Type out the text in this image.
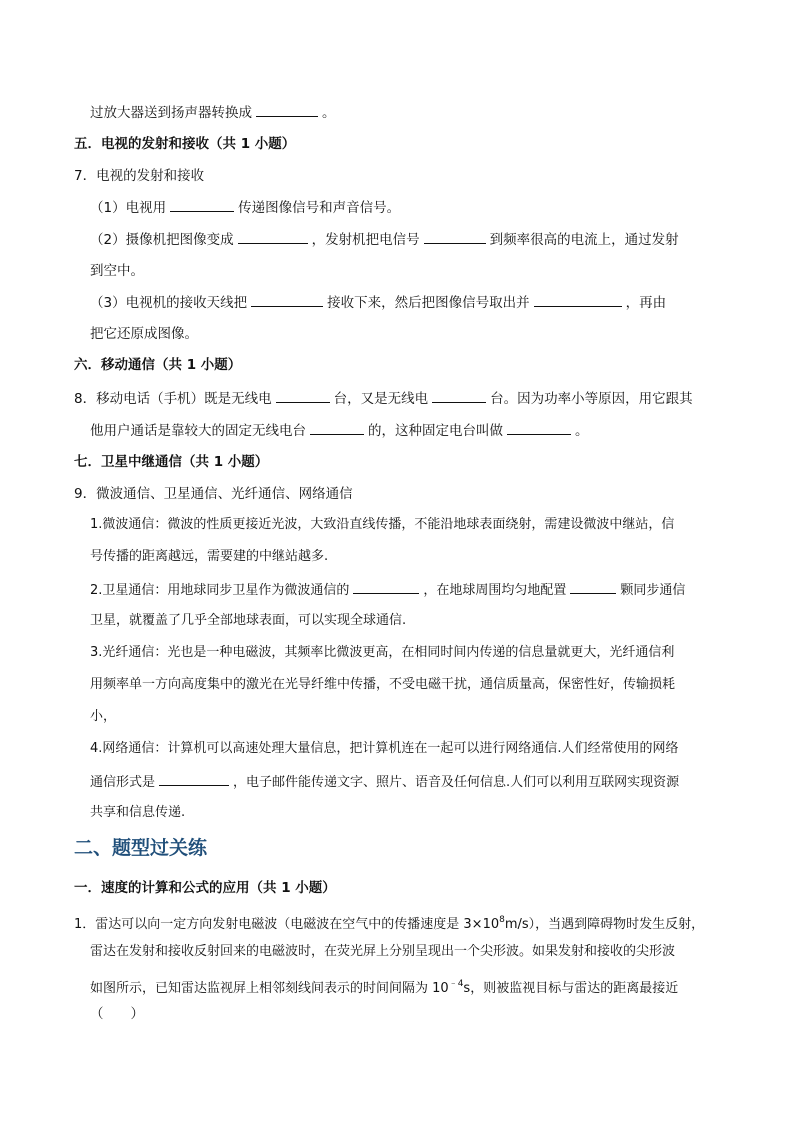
过放大器送到扬声器转换成	。
五．电视的发射和接收（共 1 小题）
7．电视的发射和接收
（1）电视用	传递图像信号和声音信号。
（2）摄像机把图像变成	，发射机把电信号	到频率很高的电流上，通过发射
到空中。
（3）电视机的接收天线把	接收下来，然后把图像信号取出并	，再由
把它还原成图像。
六．移动通信（共 1 小题）
8．移动电话（手机）既是无线电	台，又是无线电	台。因为功率小等原因，用它跟其
他用户通话是靠较大的固定无线电台	的，这种固定电台叫做	。
七．卫星中继通信（共 1 小题）
9．微波通信、卫星通信、光纤通信、网络通信
1.微波通信：微波的性质更接近光波，大致沿直线传播，不能沿地球表面绕射，需建设微波中继站，信
号传播的距离越远，需要建的中继站越多.
2.卫星通信：用地球同步卫星作为微波通信的	，在地球周围均匀地配置	颗同步通信
卫星，就覆盖了几乎全部地球表面，可以实现全球通信.
3.光纤通信：光也是一种电磁波，其频率比微波更高，在相同时间内传递的信息量就更大，光纤通信利
用频率单一方向高度集中的激光在光导纤维中传播，不受电磁干扰，通信质量高，保密性好，传输损耗
小，
4.网络通信：计算机可以高速处理大量信息，把计算机连在一起可以进行网络通信.人们经常使用的网络
通信形式是	，电子邮件能传递文字、照片、语音及任何信息.人们可以利用互联网实现资源
共享和信息传递.
二、题型过关练
一．速度的计算和公式的应用（共 1 小题）
1．雷达可以向一定方向发射电磁波（电磁波在空气中的传播速度是 $3\times 10^8m/s$），当遇到障碍物时发生反射，
雷达在发射和接收反射回来的电磁波时，在荧光屏上分别呈现出一个尖形波。如果发射和接收的尖形波
如图所示，已知雷达监视屏上相邻刻线间表示的时间间隔为 $10^{﹣4}s$，则被监视目标与雷达的距离最接近
（　　）
